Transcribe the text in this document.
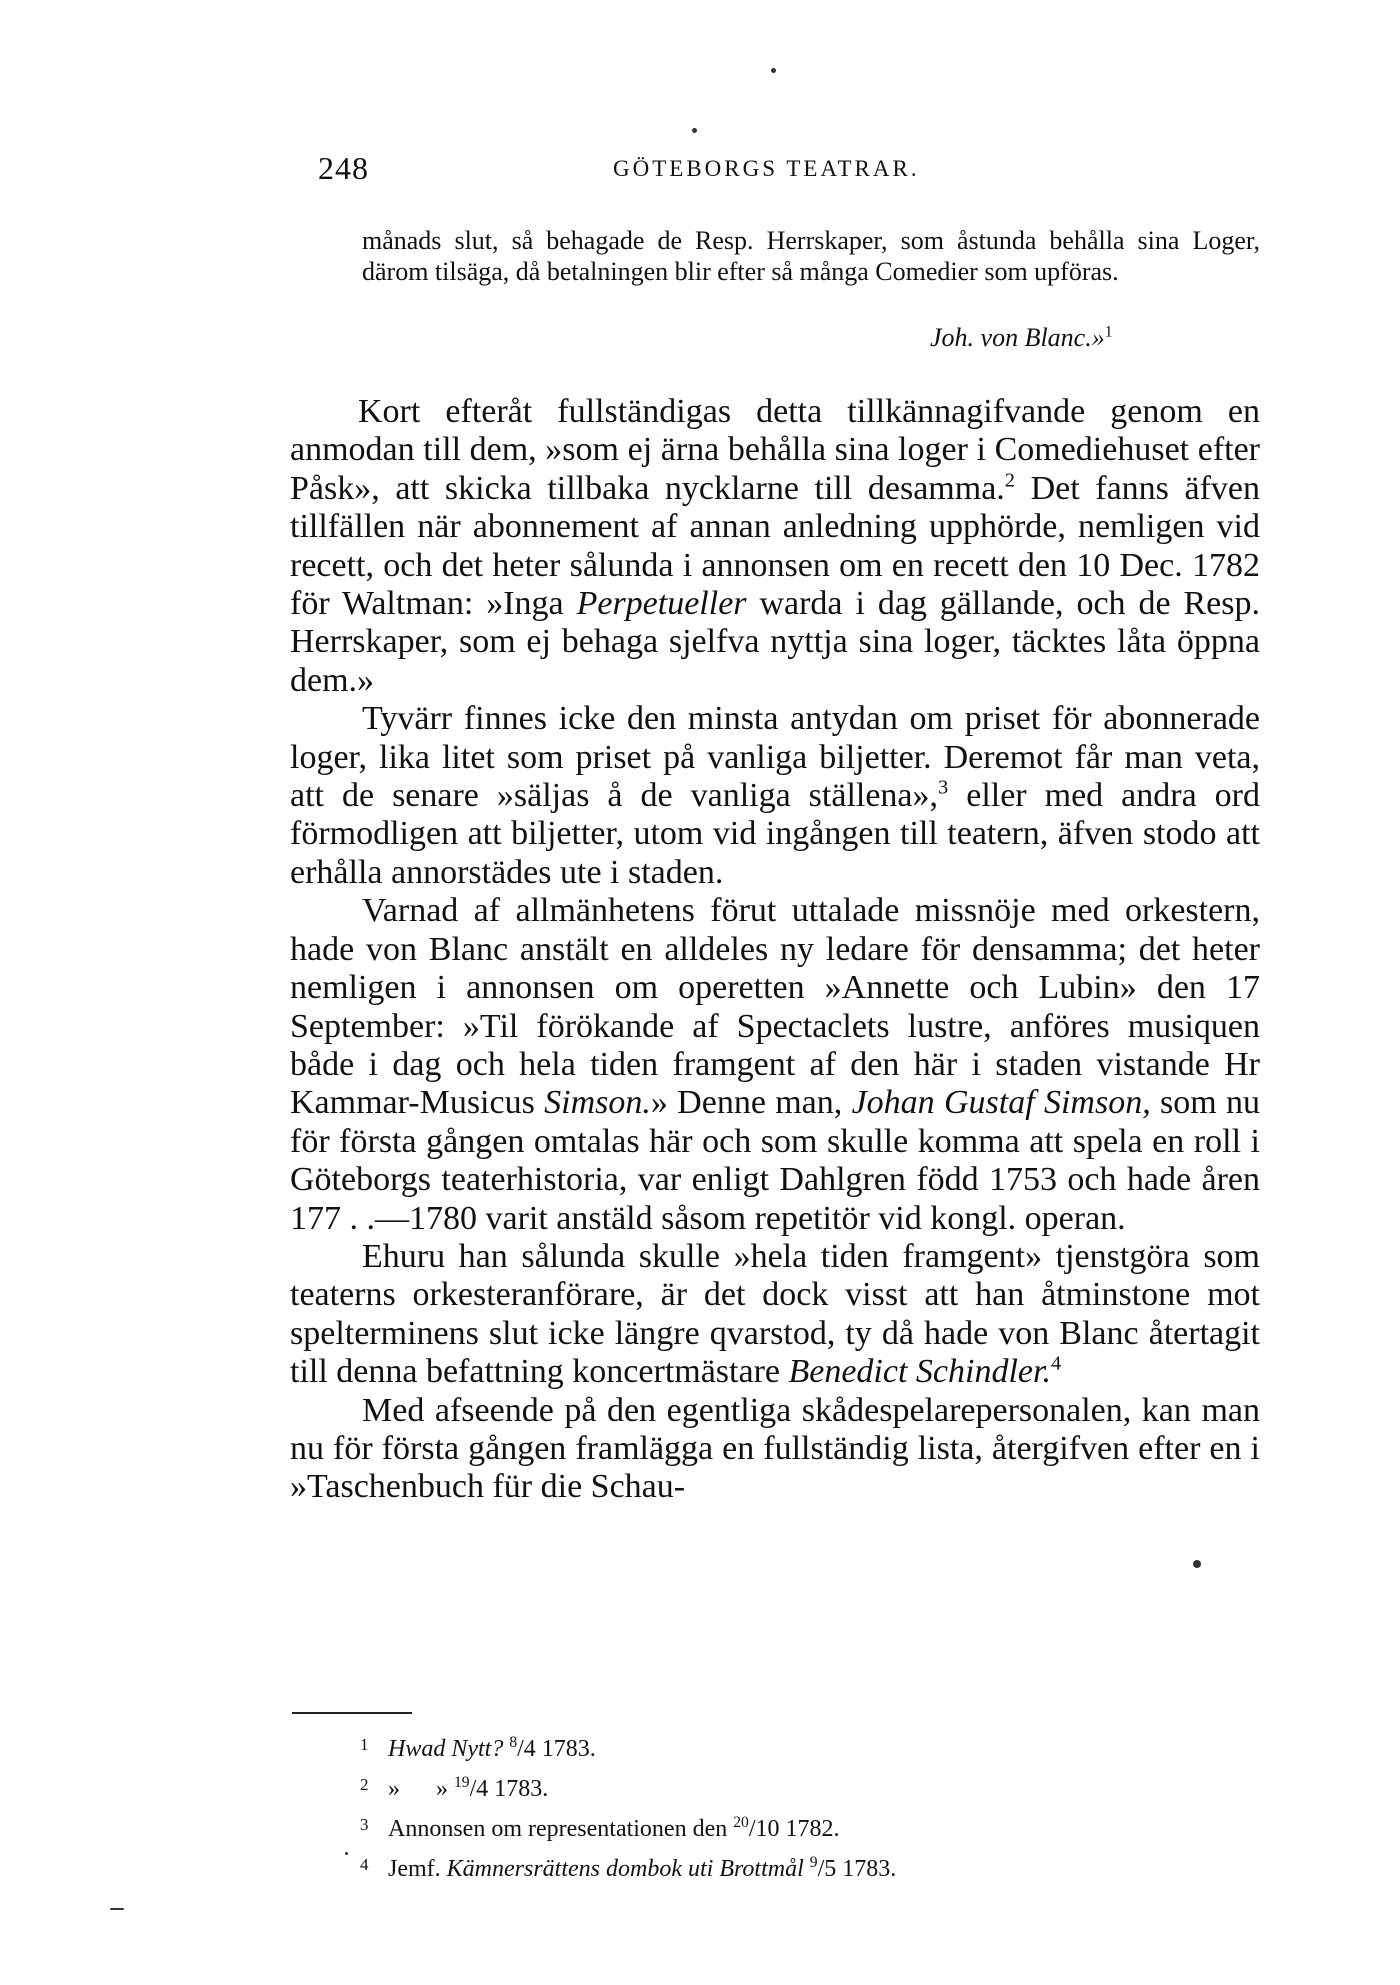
248	GÖTEBORGS TEATRAR.
månads slut, så behagade de Resp. Herrskaper, som åstunda behålla sina Loger, därom tilsäga, då betalningen blir efter så många Comedier som upföras.
Joh. von Blanc.»$^1$

Kort efteråt fullständigas detta tillkännagifvande genom en anmodan till dem, »som ej ärna behålla sina loger i Comediehuset efter Påsk», att skicka tillbaka nycklarne till desamma.$^2$ Det fanns äfven tillfällen när abonnement af annan anledning upphörde, nemligen vid recett, och det heter sålunda i annonsen om en recett den 10 Dec. 1782 för Waltman: »Inga Perpetueller warda i dag gällande, och de Resp. Herrskaper, som ej behaga sjelfva nyttja sina loger, täcktes låta öppna dem.»

Tyvärr finnes icke den minsta antydan om priset för abonnerade loger, lika litet som priset på vanliga biljetter. Deremot får man veta, att de senare »säljas å de vanliga ställena»,$^3$ eller med andra ord förmodligen att biljetter, utom vid ingången till teatern, äfven stodo att erhålla annorstädes ute i staden.

Varnad af allmänhetens förut uttalade missnöje med orkestern, hade von Blanc anstält en alldeles ny ledare för densamma; det heter nemligen i annonsen om operetten »Annette och Lubin» den 17 September: »Til förökande af Spectaclets lustre, anföres musiquen både i dag och hela tiden framgent af den här i staden vistande Hr Kammar-Musicus Simson.» Denne man, Johan Gustaf Simson, som nu för första gången omtalas här och som skulle komma att spela en roll i Göteborgs teaterhistoria, var enligt Dahlgren född 1753 och hade åren 177 . .—1780 varit anstäld såsom repetitör vid kongl. operan.

Ehuru han sålunda skulle »hela tiden framgent» tjenstgöra som teaterns orkesteranförare, är det dock visst att han åtminstone mot spelterminens slut icke längre qvarstod, ty då hade von Blanc återtagit till denna befattning koncertmästare Benedict Schindler.$^4$

Med afseende på den egentliga skådespelarepersonalen, kan man nu för första gången framlägga en fullständig lista, återgifven efter en i »Taschenbuch für die Schau-

1 Hwad Nytt? $^8$/4 1783.
2 »      » $^{19}$/4 1783.
3 Annonsen om representationen den $^{20}$/10 1782.
4 Jemf. Kämnersrättens dombok uti Brottmål $^9$/5 1783.
